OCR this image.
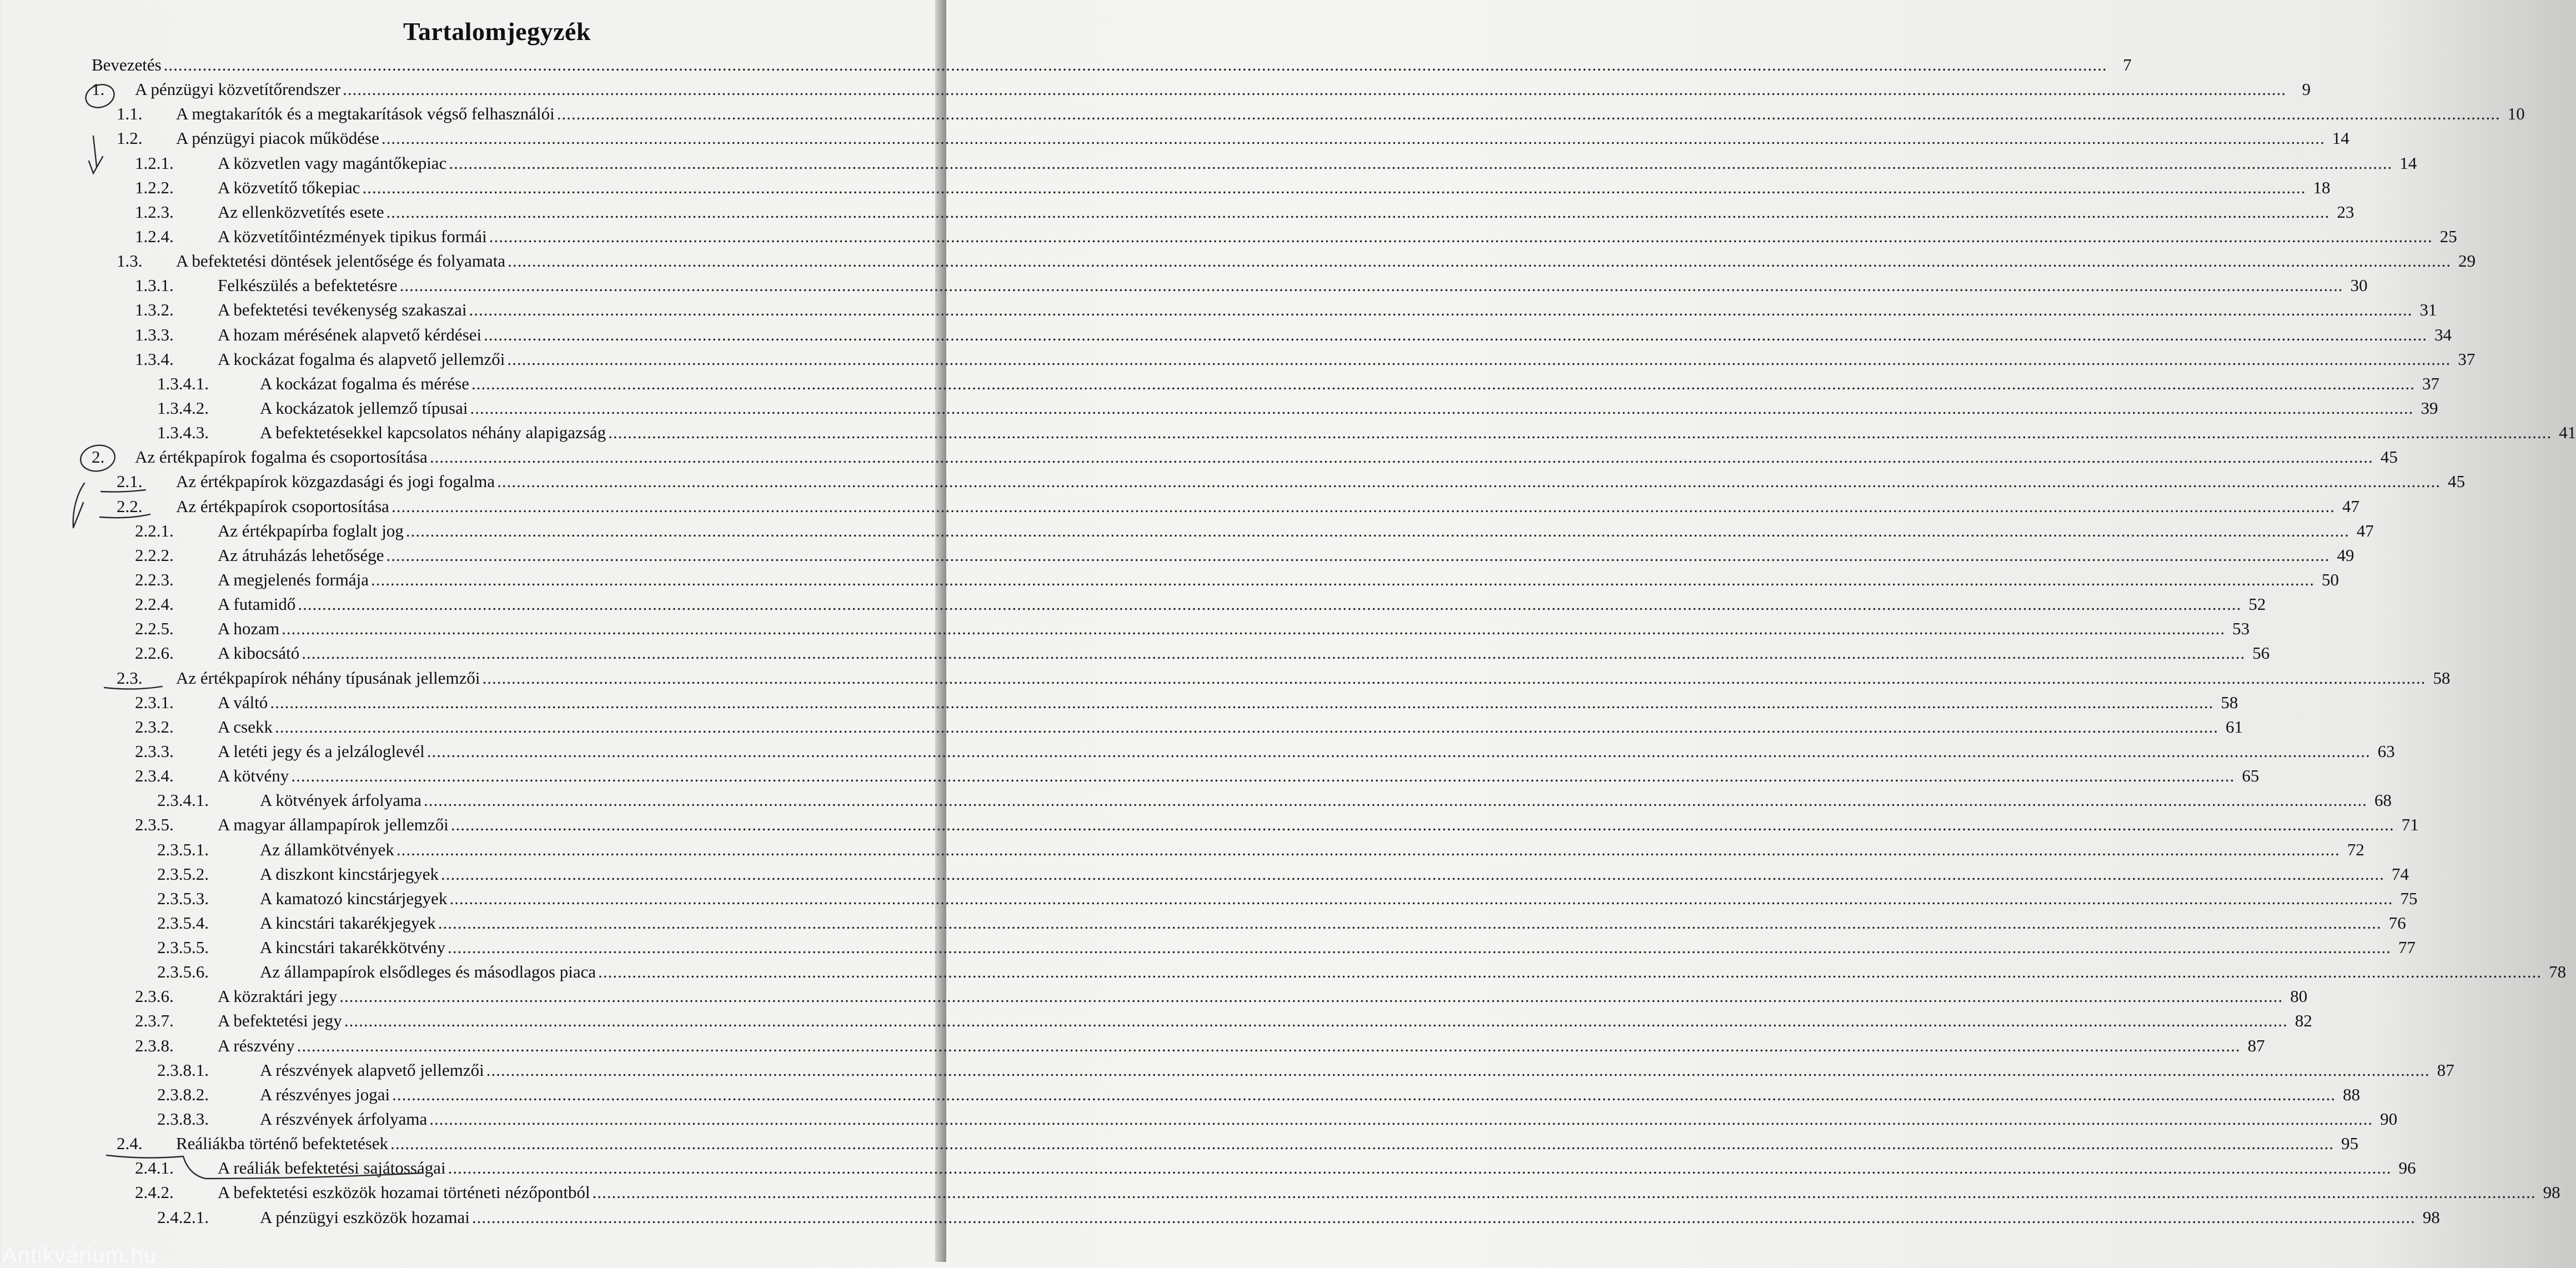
Tartalomjegyzék
Bevezetés ................................................................................................................................................................................................................................................................................................................................................................................................................ 7
1. A pénzügyi közvetítőrendszer ................................................................................................................................................................................................................................................................................................................................................................................................................ 9
1.1. A megtakarítók és a megtakarítások végső felhasználói ................................................................................................................................................................................................................................................................................................................................................................................................................ 10
1.2. A pénzügyi piacok működése ................................................................................................................................................................................................................................................................................................................................................................................................................ 14
1.2.1.	A közvetlen vagy magántőkepiac ................................................................................................................................................................................................................................................................................................................................................................................................................ 14
1.2.2.	A közvetítő tőkepiac ................................................................................................................................................................................................................................................................................................................................................................................................................ 18
1.2.3.	Az ellenközvetítés esete ................................................................................................................................................................................................................................................................................................................................................................................................................ 23
1.2.4.	A közvetítőintézmények tipikus formái ................................................................................................................................................................................................................................................................................................................................................................................................................ 25
1.3. A befektetési döntések jelentősége és folyamata ................................................................................................................................................................................................................................................................................................................................................................................................................ 29
1.3.1.	Felkészülés a befektetésre ................................................................................................................................................................................................................................................................................................................................................................................................................ 30
1.3.2.	A befektetési tevékenység szakaszai ................................................................................................................................................................................................................................................................................................................................................................................................................ 31
1.3.3.	A hozam mérésének alapvető kérdései ................................................................................................................................................................................................................................................................................................................................................................................................................ 34
1.3.4.	A kockázat fogalma és alapvető jellemzői ................................................................................................................................................................................................................................................................................................................................................................................................................ 37
1.3.4.1.	A kockázat fogalma és mérése ................................................................................................................................................................................................................................................................................................................................................................................................................ 37
1.3.4.2.	A kockázatok jellemző típusai ................................................................................................................................................................................................................................................................................................................................................................................................................ 39
1.3.4.3.	A befektetésekkel kapcsolatos néhány alapigazság ................................................................................................................................................................................................................................................................................................................................................................................................................ 41
2. Az értékpapírok fogalma és csoportosítása ................................................................................................................................................................................................................................................................................................................................................................................................................ 45
2.1. Az értékpapírok közgazdasági és jogi fogalma ................................................................................................................................................................................................................................................................................................................................................................................................................ 45
2.2. Az értékpapírok csoportosítása ................................................................................................................................................................................................................................................................................................................................................................................................................ 47
2.2.1.	Az értékpapírba foglalt jog ................................................................................................................................................................................................................................................................................................................................................................................................................ 47
2.2.2.	Az átruházás lehetősége ................................................................................................................................................................................................................................................................................................................................................................................................................ 49
2.2.3.	A megjelenés formája ................................................................................................................................................................................................................................................................................................................................................................................................................ 50
2.2.4.	A futamidő ................................................................................................................................................................................................................................................................................................................................................................................................................ 52
2.2.5.	A hozam ................................................................................................................................................................................................................................................................................................................................................................................................................ 53
2.2.6.	A kibocsátó ................................................................................................................................................................................................................................................................................................................................................................................................................ 56
2.3. Az értékpapírok néhány típusának jellemzői ................................................................................................................................................................................................................................................................................................................................................................................................................ 58
2.3.1.	A váltó ................................................................................................................................................................................................................................................................................................................................................................................................................ 58
2.3.2.	A csekk ................................................................................................................................................................................................................................................................................................................................................................................................................ 61
2.3.3.	A letéti jegy és a jelzáloglevél ................................................................................................................................................................................................................................................................................................................................................................................................................ 63
2.3.4.	A kötvény ................................................................................................................................................................................................................................................................................................................................................................................................................ 65
2.3.4.1.	A kötvények árfolyama ................................................................................................................................................................................................................................................................................................................................................................................................................ 68
2.3.5.	A magyar állampapírok jellemzői ................................................................................................................................................................................................................................................................................................................................................................................................................ 71
2.3.5.1.	Az államkötvények ................................................................................................................................................................................................................................................................................................................................................................................................................ 72
2.3.5.2.	A diszkont kincstárjegyek ................................................................................................................................................................................................................................................................................................................................................................................................................ 74
2.3.5.3.	A kamatozó kincstárjegyek ................................................................................................................................................................................................................................................................................................................................................................................................................ 75
2.3.5.4.	A kincstári takarékjegyek ................................................................................................................................................................................................................................................................................................................................................................................................................ 76
2.3.5.5.	A kincstári takarékkötvény ................................................................................................................................................................................................................................................................................................................................................................................................................ 77
2.3.5.6.	Az állampapírok elsődleges és másodlagos piaca ................................................................................................................................................................................................................................................................................................................................................................................................................ 78
2.3.6.	A közraktári jegy ................................................................................................................................................................................................................................................................................................................................................................................................................ 80
2.3.7.	A befektetési jegy ................................................................................................................................................................................................................................................................................................................................................................................................................ 82
2.3.8.	A részvény ................................................................................................................................................................................................................................................................................................................................................................................................................ 87
2.3.8.1.	A részvények alapvető jellemzői ................................................................................................................................................................................................................................................................................................................................................................................................................ 87
2.3.8.2.	A részvényes jogai ................................................................................................................................................................................................................................................................................................................................................................................................................ 88
2.3.8.3.	A részvények árfolyama ................................................................................................................................................................................................................................................................................................................................................................................................................ 90
2.4. Reáliákba történő befektetések ................................................................................................................................................................................................................................................................................................................................................................................................................ 95
2.4.1.	A reáliák befektetési sajátosságai ................................................................................................................................................................................................................................................................................................................................................................................................................ 96
2.4.2.	A befektetési eszközök hozamai történeti nézőpontból ................................................................................................................................................................................................................................................................................................................................................................................................................ 98
2.4.2.1.	A pénzügyi eszközök hozamai ................................................................................................................................................................................................................................................................................................................................................................................................................ 98
Antikvárium.hu
